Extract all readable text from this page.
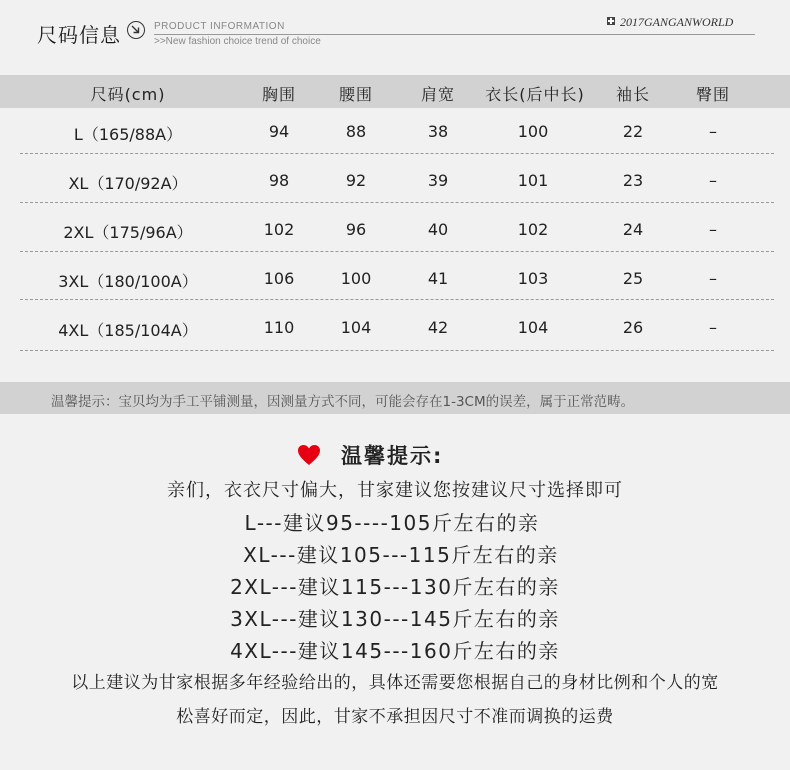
尺码信息	PRODUCT INFORMATION
>>New fashion choice trend of choice
2017GANGANWORLD
尺码(cm)	胸围	腰围	肩宽	衣长(后中长)	袖长	臀围
L（165/88A）	94	88	38	100	22	–
XL（170/92A）	98	92	39	101	23	–
2XL（175/96A）	102	96	40	102	24	–
3XL（180/100A）	106	100	41	103	25	–
4XL（185/104A）	110	104	42	104	26	–
温馨提示：宝贝均为手工平铺测量，因测量方式不同，可能会存在1-3CM的误差，属于正常范畴。
温馨提示:
亲们，衣衣尺寸偏大，甘家建议您按建议尺寸选择即可
L---建议95----105斤左右的亲
XL---建议105---115斤左右的亲
2XL---建议115---130斤左右的亲
3XL---建议130---145斤左右的亲
4XL---建议145---160斤左右的亲
以上建议为甘家根据多年经验给出的，具体还需要您根据自己的身材比例和个人的宽
松喜好而定，因此，甘家不承担因尺寸不准而调换的运费
